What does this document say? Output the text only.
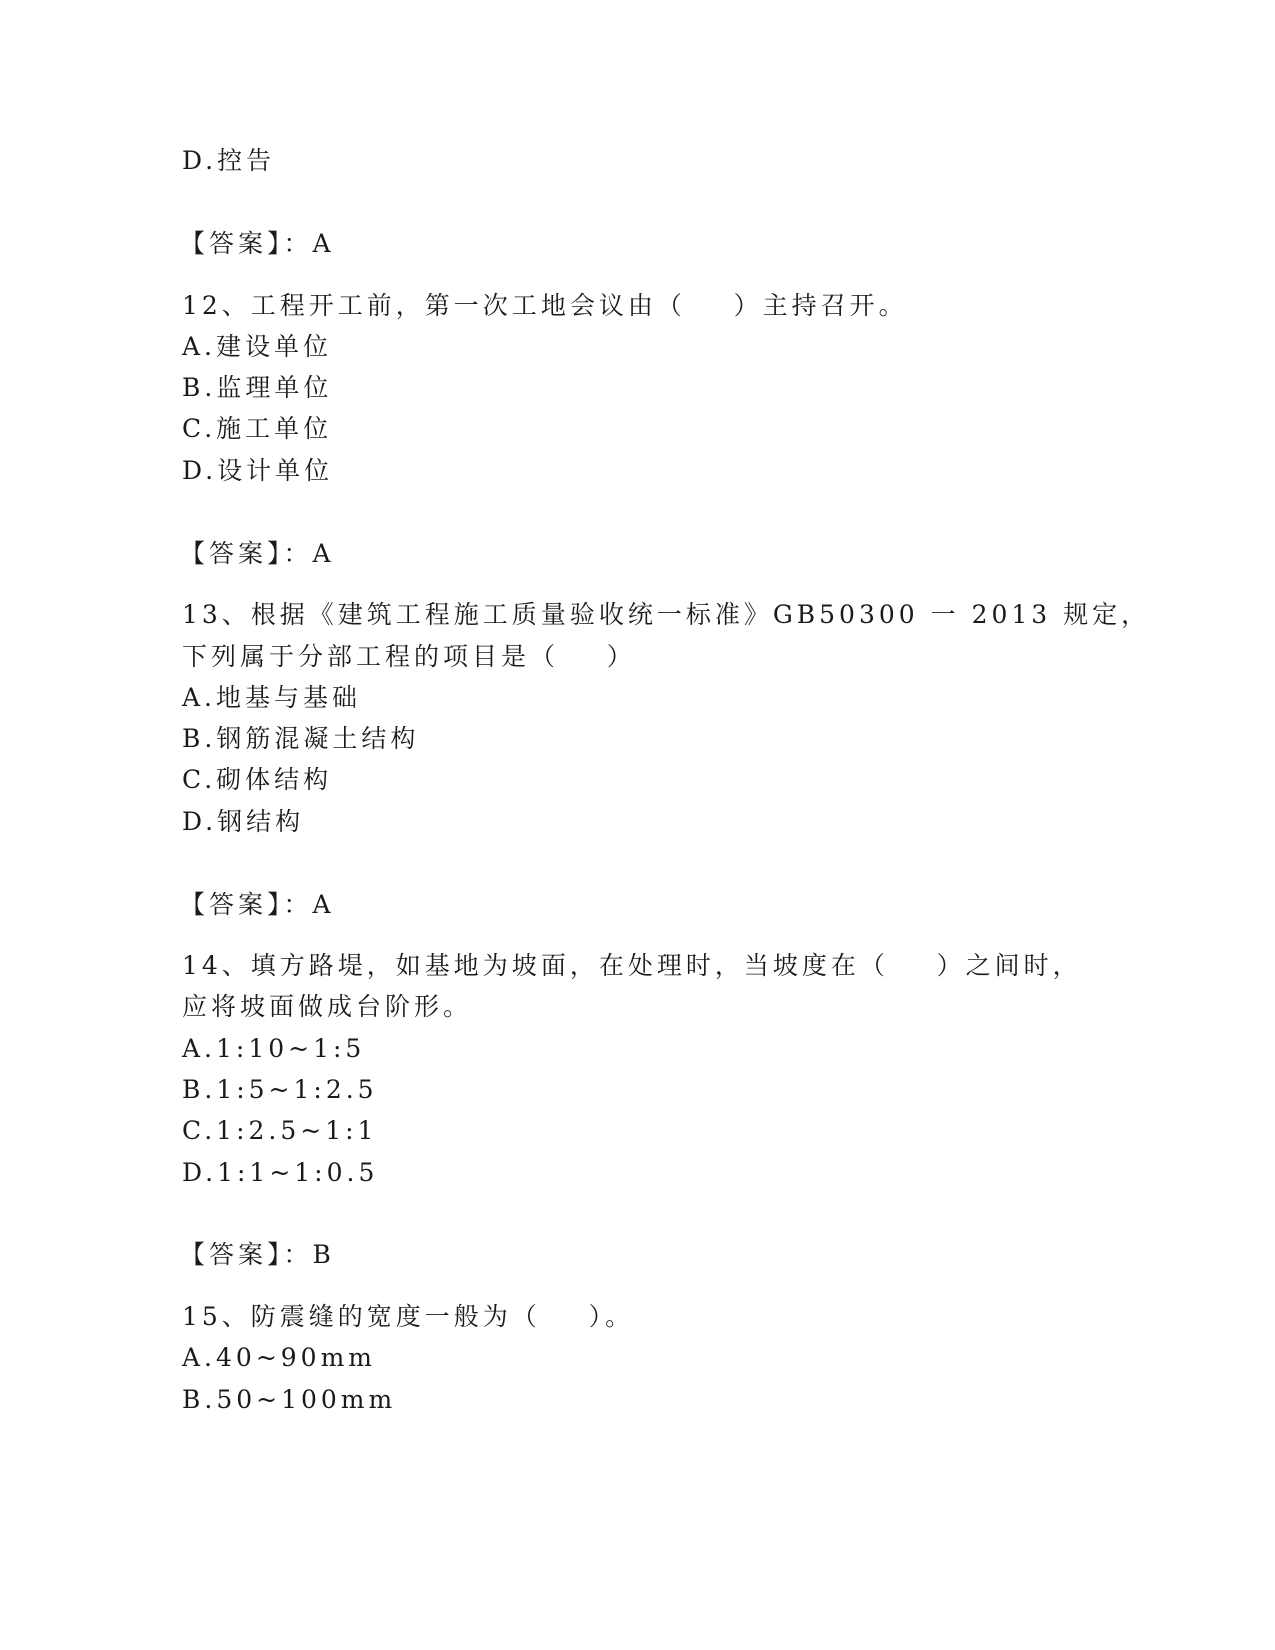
D.控告

【答案】：A

12、工程开工前，第一次工地会议由（    ）主持召开。

A.建设单位

B.监理单位

C.施工单位

D.设计单位

【答案】：A

13、根据《建筑工程施工质量验收统一标准》GB50300 一 2013 规定，

下列属于分部工程的项目是（    ）

A.地基与基础

B.钢筋混凝土结构

C.砌体结构

D.钢结构

【答案】：A

14、填方路堤，如基地为坡面，在处理时，当坡度在（    ）之间时，

应将坡面做成台阶形。

A.1:10~1:5

B.1:5~1:2.5

C.1:2.5~1:1

D.1:1~1:0.5

【答案】：B

15、防震缝的宽度一般为（    ）。

A.40~90mm

B.50~100mm
